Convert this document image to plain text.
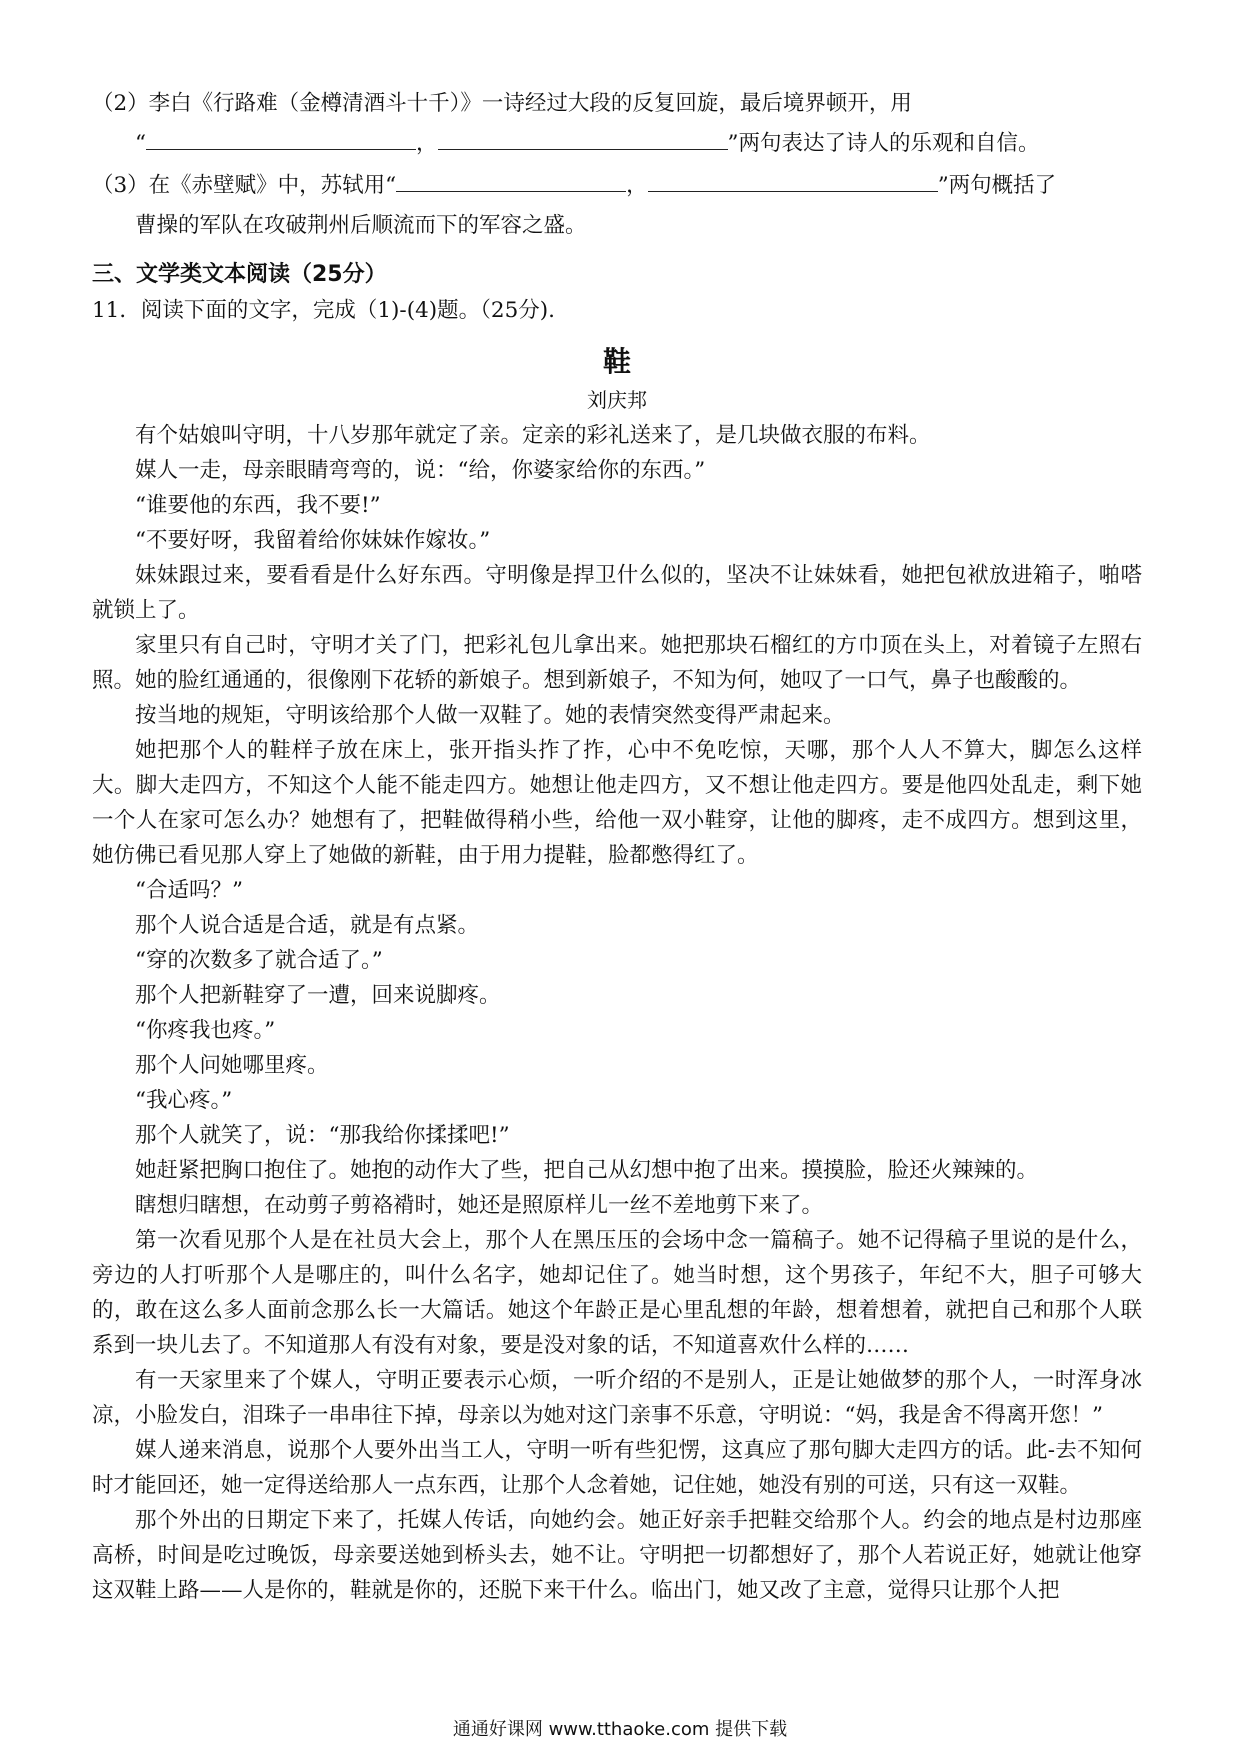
（2）李白《行路难（金樽清酒斗十千）》一诗经过大段的反复回旋，最后境界顿开，用

“	，	”两句表达了诗人的乐观和自信。

（3）在《赤壁赋》中，苏轼用“	，	”两句概括了

曹操的军队在攻破荆州后顺流而下的军容之盛。

三、文学类文本阅读（25分）

11．阅读下面的文字，完成（1)-(4)题。（25分).

鞋

刘庆邦

有个姑娘叫守明，十八岁那年就定了亲。定亲的彩礼送来了，是几块做衣服的布料。

媒人一走，母亲眼睛弯弯的，说：“给，你婆家给你的东西。”

“谁要他的东西，我不要!”

“不要好呀，我留着给你妹妹作嫁妆。”

妹妹跟过来，要看看是什么好东西。守明像是捍卫什么似的，坚决不让妹妹看，她把包袱放进箱子，啪嗒就锁上了。

家里只有自己时，守明才关了门，把彩礼包儿拿出来。她把那块石榴红的方巾顶在头上，对着镜子左照右照。她的脸红通通的，很像刚下花轿的新娘子。想到新娘子，不知为何，她叹了一口气，鼻子也酸酸的。

按当地的规矩，守明该给那个人做一双鞋了。她的表情突然变得严肃起来。

她把那个人的鞋样子放在床上，张开指头拃了拃，心中不免吃惊，天哪，那个人人不算大，脚怎么这样大。脚大走四方，不知这个人能不能走四方。她想让他走四方，又不想让他走四方。要是他四处乱走，剩下她一个人在家可怎么办？她想有了，把鞋做得稍小些，给他一双小鞋穿，让他的脚疼，走不成四方。想到这里，她仿佛已看见那人穿上了她做的新鞋，由于用力提鞋，脸都憋得红了。

“合适吗？”

那个人说合适是合适，就是有点紧。

“穿的次数多了就合适了。”

那个人把新鞋穿了一遭，回来说脚疼。

“你疼我也疼。”

那个人问她哪里疼。

“我心疼。”

那个人就笑了，说：“那我给你揉揉吧!”

她赶紧把胸口抱住了。她抱的动作大了些，把自己从幻想中抱了出来。摸摸脸，脸还火辣辣的。

瞎想归瞎想，在动剪子剪袼褙时，她还是照原样儿一丝不差地剪下来了。

第一次看见那个人是在社员大会上，那个人在黑压压的会场中念一篇稿子。她不记得稿子里说的是什么，旁边的人打听那个人是哪庄的，叫什么名字，她却记住了。她当时想，这个男孩子，年纪不大，胆子可够大的，敢在这么多人面前念那么长一大篇话。她这个年龄正是心里乱想的年龄，想着想着，就把自己和那个人联系到一块儿去了。不知道那人有没有对象，要是没对象的话，不知道喜欢什么样的……

有一天家里来了个媒人，守明正要表示心烦，一听介绍的不是别人，正是让她做梦的那个人，一时浑身冰凉，小脸发白，泪珠子一串串往下掉，母亲以为她对这门亲事不乐意，守明说：“妈，我是舍不得离开您！”

媒人递来消息，说那个人要外出当工人，守明一听有些犯愣，这真应了那句脚大走四方的话。此-去不知何时才能回还，她一定得送给那人一点东西，让那个人念着她，记住她，她没有别的可送，只有这一双鞋。

那个外出的日期定下来了，托媒人传话，向她约会。她正好亲手把鞋交给那个人。约会的地点是村边那座高桥，时间是吃过晚饭，母亲要送她到桥头去，她不让。守明把一切都想好了，那个人若说正好，她就让他穿这双鞋上路——人是你的，鞋就是你的，还脱下来干什么。临出门，她又改了主意，觉得只让那个人把

通通好课网 www.tthaoke.com 提供下载
